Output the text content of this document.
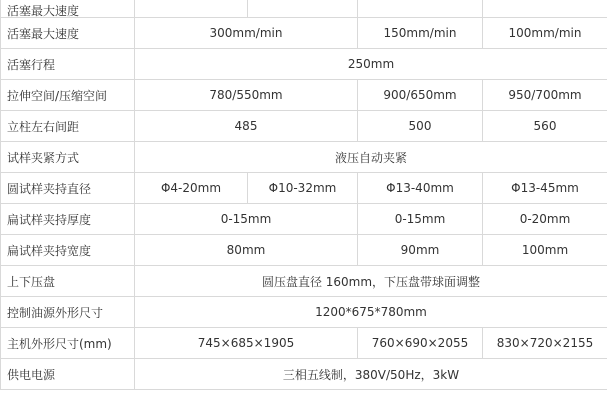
活塞最大速度				
活塞最大速度	300mm/min		150mm/min	100mm/min
活塞行程	250mm			
拉伸空间/压缩空间	780/550mm		900/650mm	950/700mm
立柱左右间距	485		500	560
试样夹紧方式	液压自动夹紧			
圆试样夹持直径	Φ4-20mm	Φ10-32mm	Φ13-40mm	Φ13-45mm
扁试样夹持厚度	0-15mm		0-15mm	0-20mm
扁试样夹持宽度	80mm		90mm	100mm
上下压盘	圆压盘直径 160mm，下压盘带球面调整			
控制油源外形尺寸	1200*675*780mm			
主机外形尺寸(mm)	745×685×1905		760×690×2055	830×720×2155
供电电源	三相五线制，380V/50Hz，3kW			
